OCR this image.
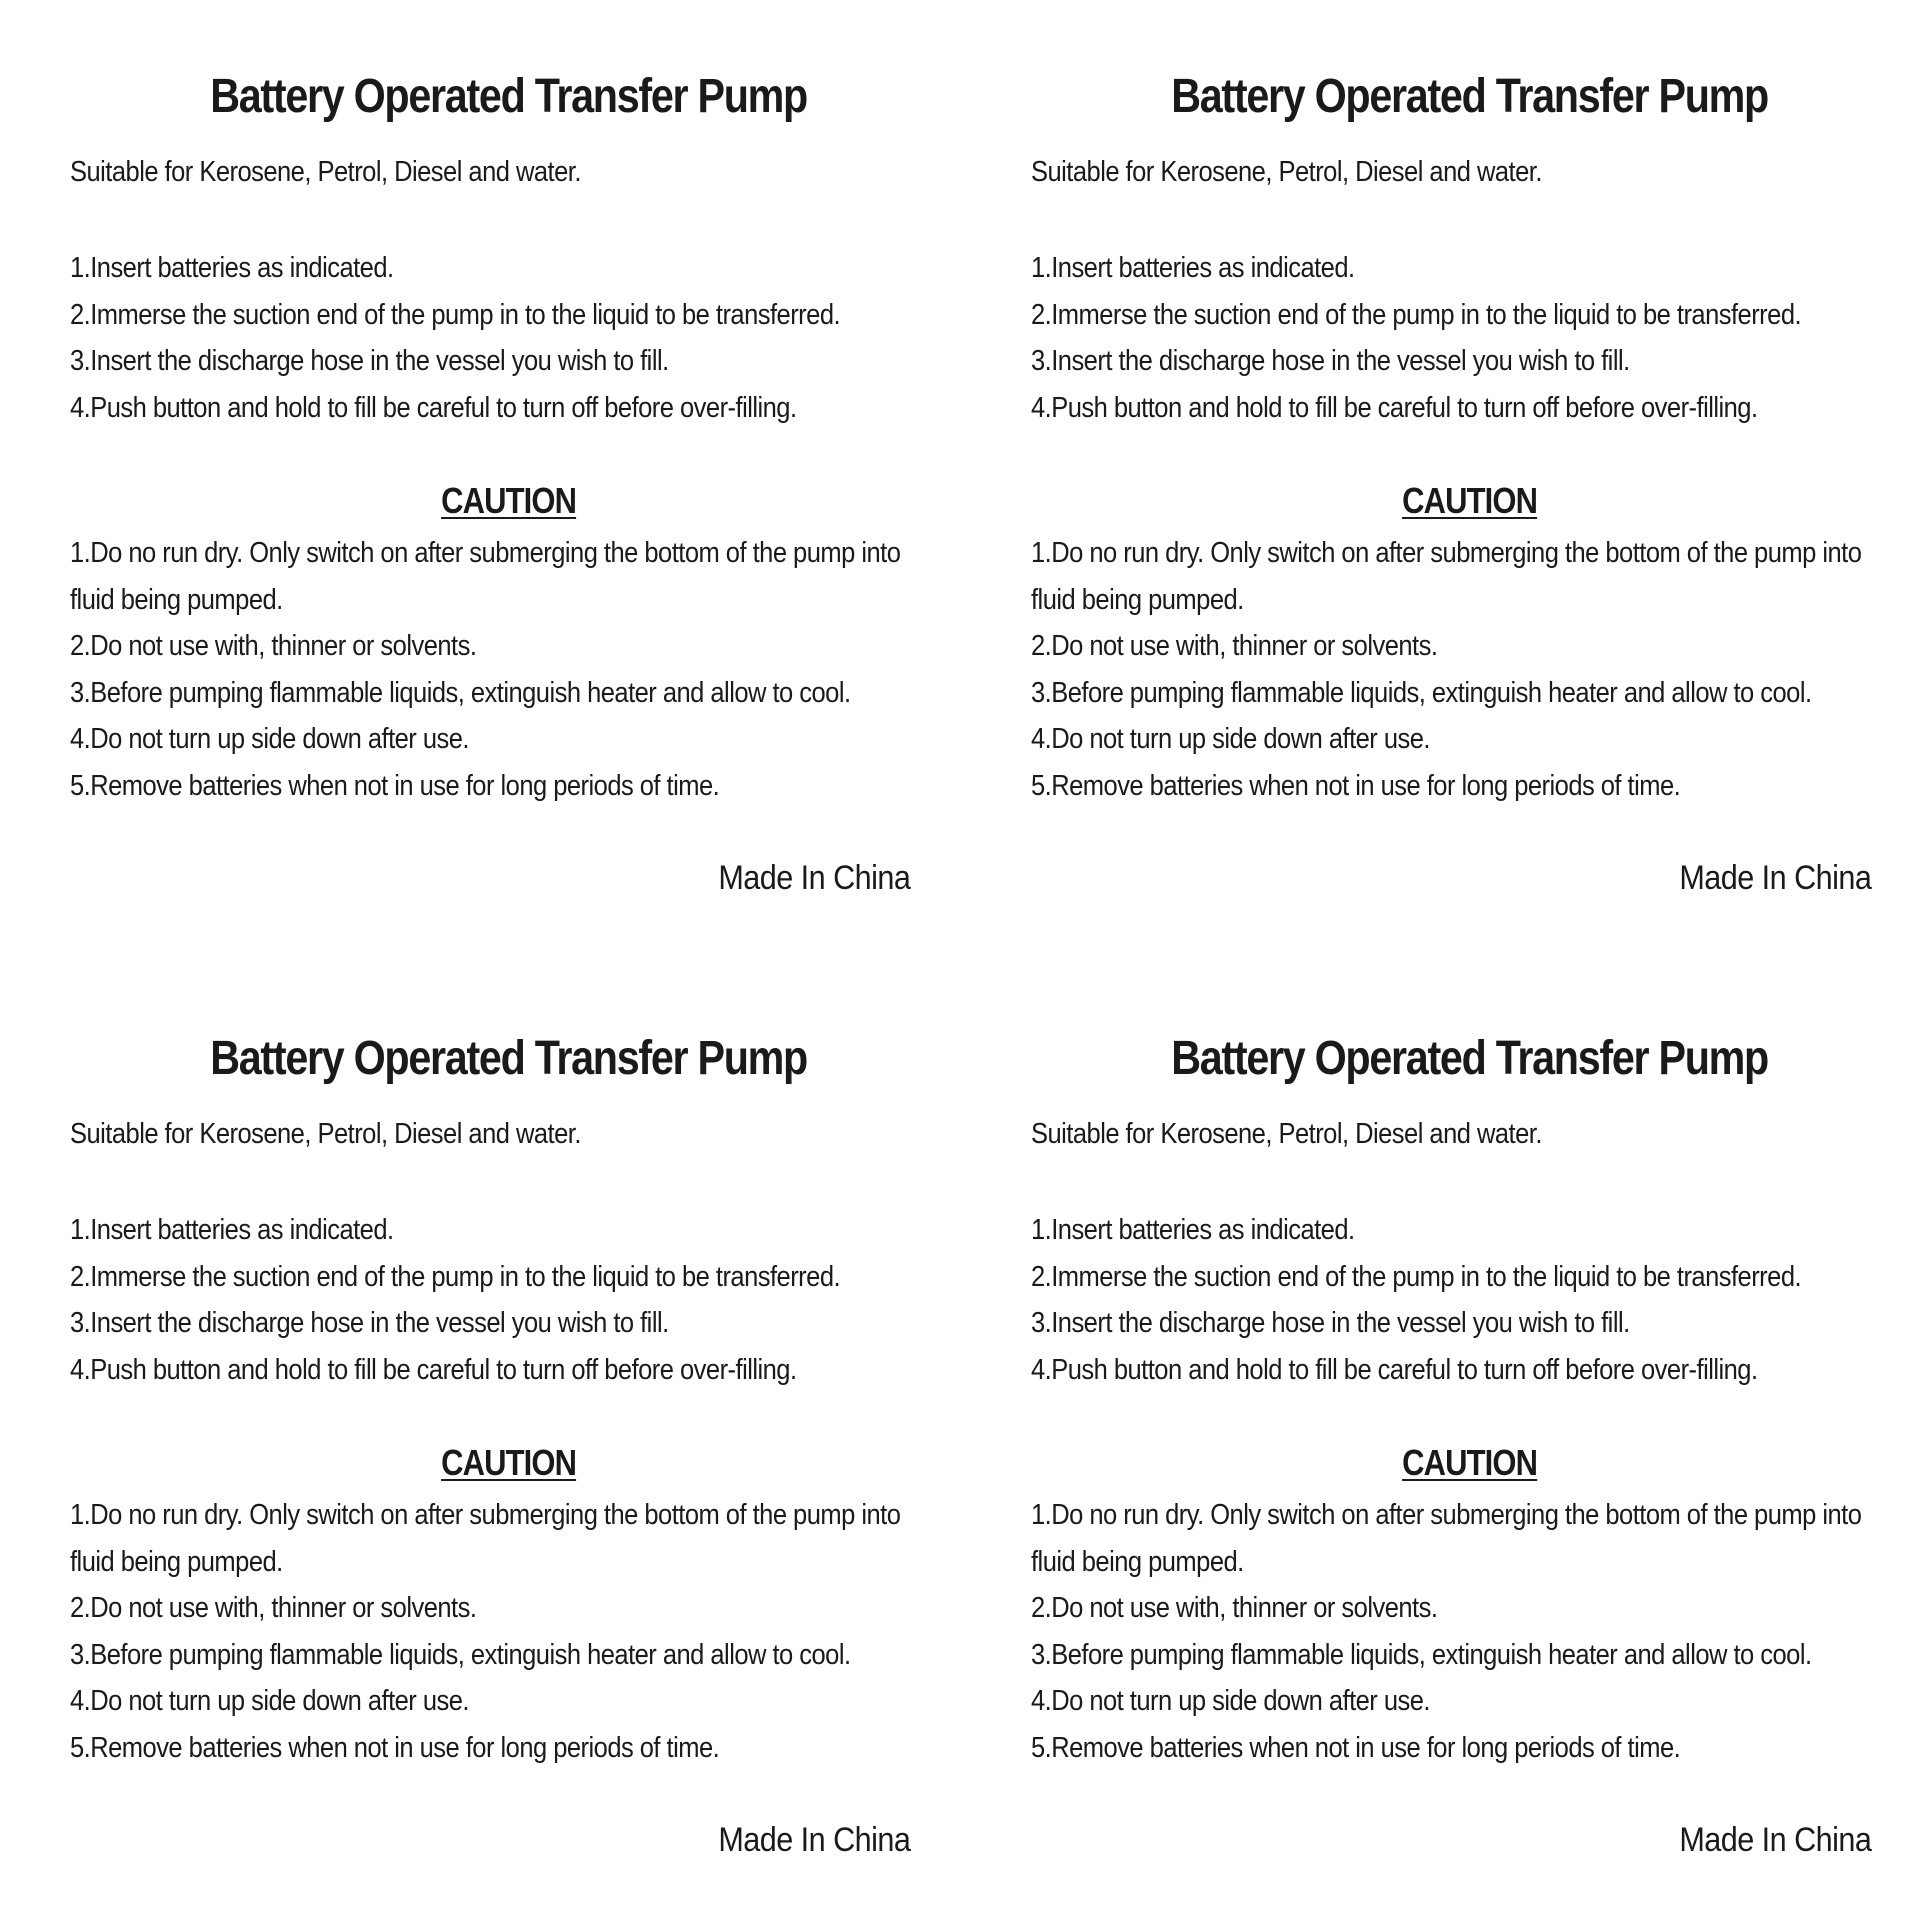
Battery Operated Transfer Pump
Suitable for Kerosene, Petrol, Diesel and water.
1.Insert batteries as indicated.
2.Immerse the suction end of the pump in to the liquid to be transferred.
3.Insert the discharge hose in the vessel you wish to fill.
4.Push button and hold to fill be careful to turn off before over-filling.
CAUTION
1.Do no run dry. Only switch on after submerging the bottom of the pump into
fluid being pumped.
2.Do not use with, thinner or solvents.
3.Before pumping flammable liquids, extinguish heater and allow to cool.
4.Do not turn up side down after use.
5.Remove batteries when not in use for long periods of time.
Made In China
Battery Operated Transfer Pump
Suitable for Kerosene, Petrol, Diesel and water.
1.Insert batteries as indicated.
2.Immerse the suction end of the pump in to the liquid to be transferred.
3.Insert the discharge hose in the vessel you wish to fill.
4.Push button and hold to fill be careful to turn off before over-filling.
CAUTION
1.Do no run dry. Only switch on after submerging the bottom of the pump into
fluid being pumped.
2.Do not use with, thinner or solvents.
3.Before pumping flammable liquids, extinguish heater and allow to cool.
4.Do not turn up side down after use.
5.Remove batteries when not in use for long periods of time.
Made In China
Battery Operated Transfer Pump
Suitable for Kerosene, Petrol, Diesel and water.
1.Insert batteries as indicated.
2.Immerse the suction end of the pump in to the liquid to be transferred.
3.Insert the discharge hose in the vessel you wish to fill.
4.Push button and hold to fill be careful to turn off before over-filling.
CAUTION
1.Do no run dry. Only switch on after submerging the bottom of the pump into
fluid being pumped.
2.Do not use with, thinner or solvents.
3.Before pumping flammable liquids, extinguish heater and allow to cool.
4.Do not turn up side down after use.
5.Remove batteries when not in use for long periods of time.
Made In China
Battery Operated Transfer Pump
Suitable for Kerosene, Petrol, Diesel and water.
1.Insert batteries as indicated.
2.Immerse the suction end of the pump in to the liquid to be transferred.
3.Insert the discharge hose in the vessel you wish to fill.
4.Push button and hold to fill be careful to turn off before over-filling.
CAUTION
1.Do no run dry. Only switch on after submerging the bottom of the pump into
fluid being pumped.
2.Do not use with, thinner or solvents.
3.Before pumping flammable liquids, extinguish heater and allow to cool.
4.Do not turn up side down after use.
5.Remove batteries when not in use for long periods of time.
Made In China
